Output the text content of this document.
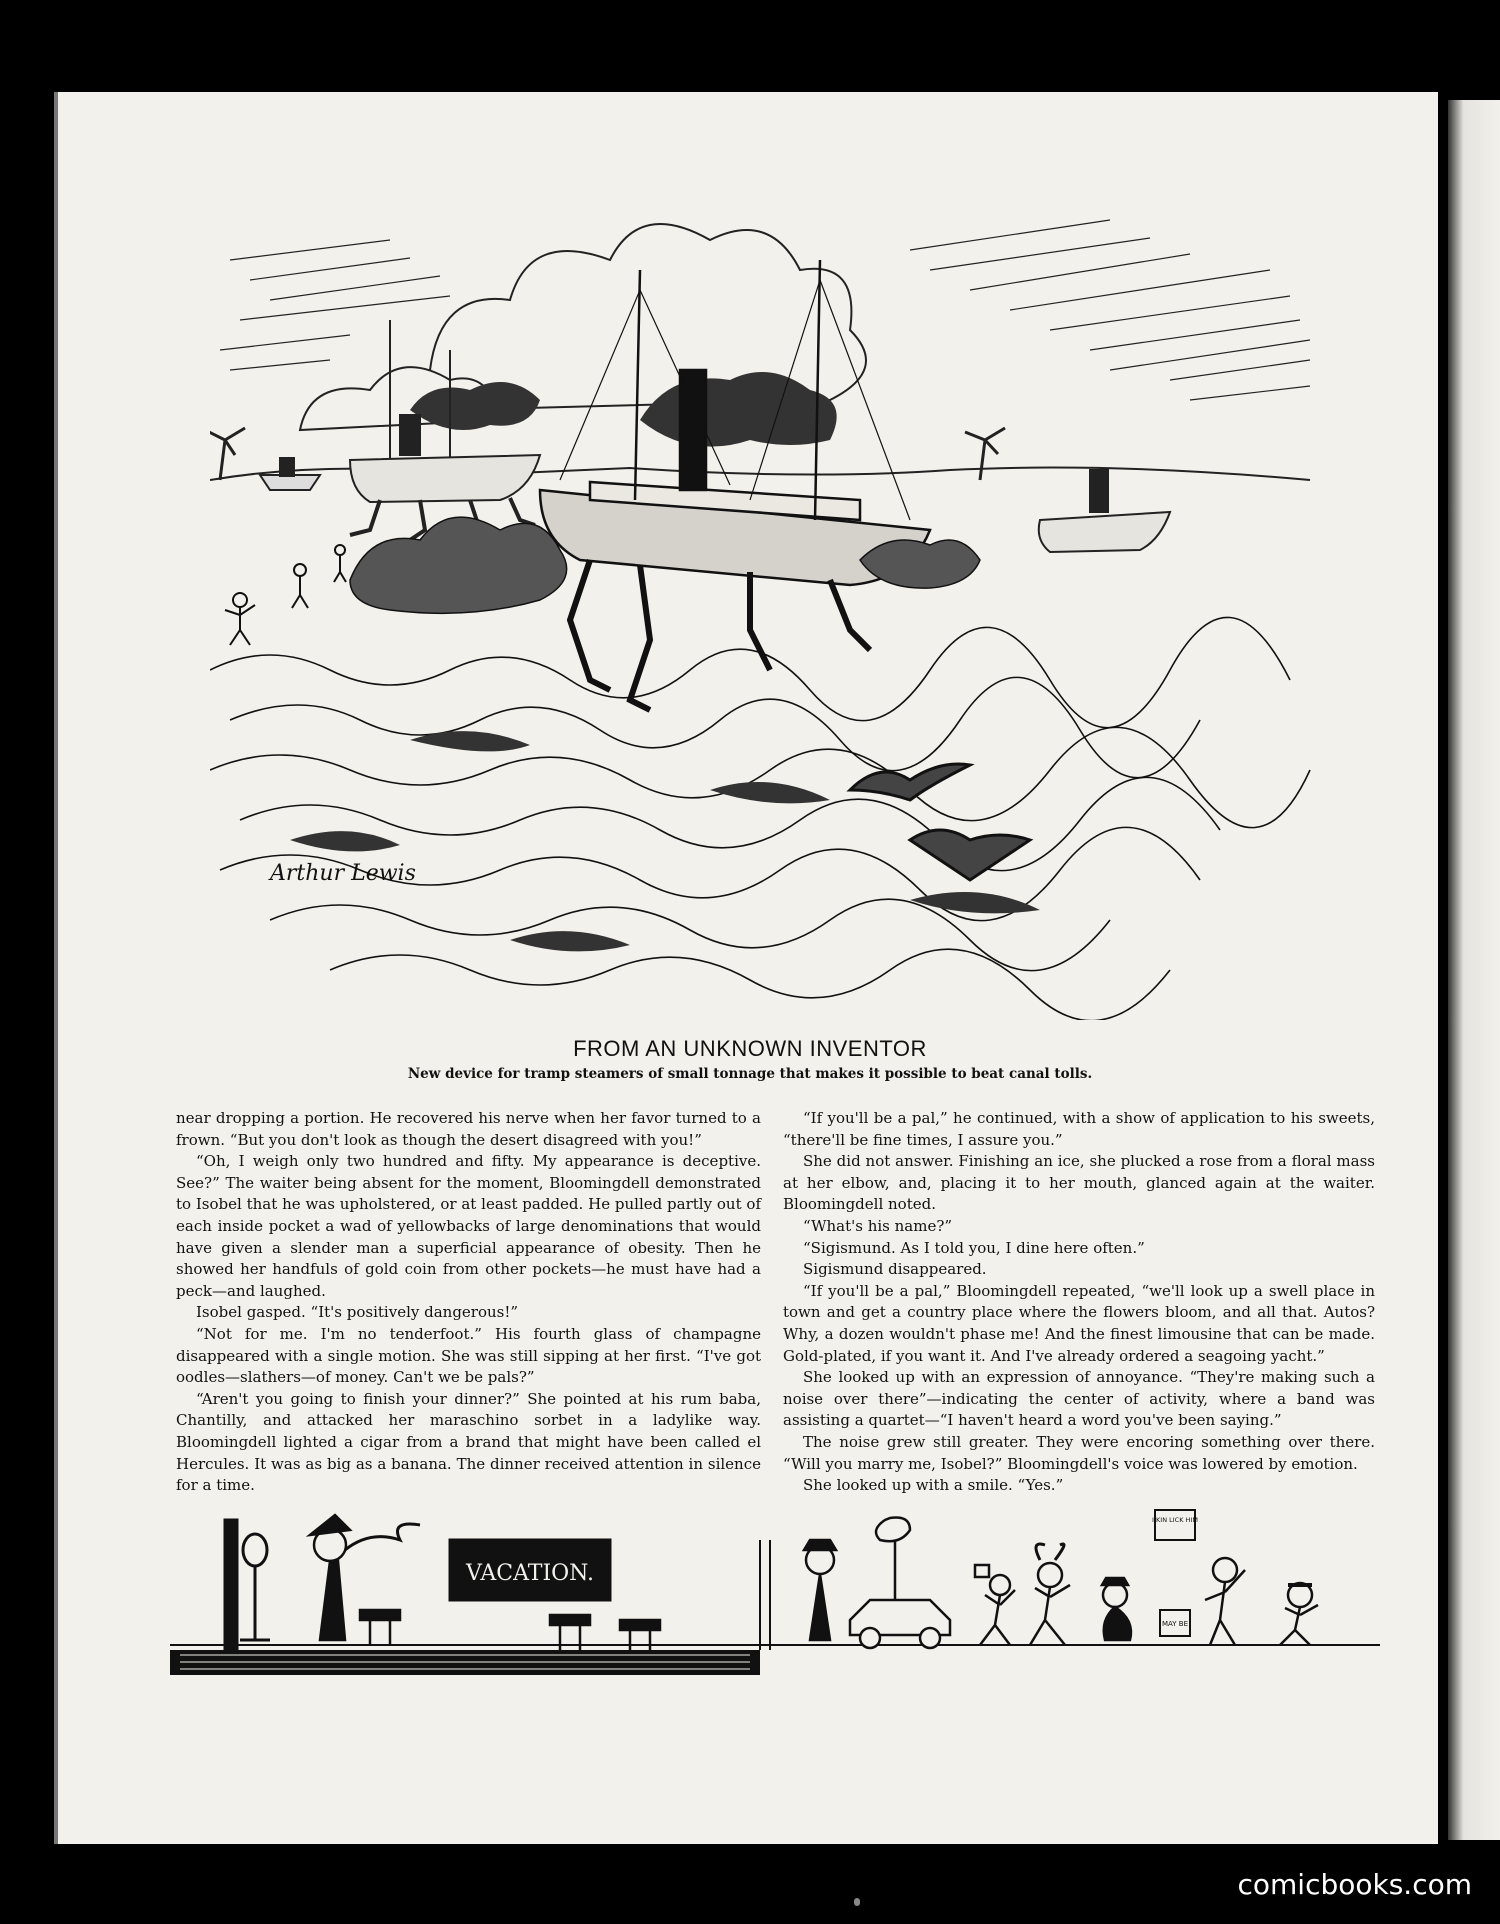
Arthur Lewis
FROM AN UNKNOWN INVENTOR
New device for tramp steamers of small tonnage that makes it possible to beat canal tolls.

near dropping a portion. He recovered his nerve when her favor turned to a frown. “But you don't look as though the desert disagreed with you!”

“Oh, I weigh only two hundred and fifty. My appearance is deceptive. See?” The waiter being absent for the moment, Bloomingdell demonstrated to Isobel that he was upholstered, or at least padded. He pulled partly out of each inside pocket a wad of yellowbacks of large denominations that would have given a slender man a superficial appearance of obesity. Then he showed her handfuls of gold coin from other pockets—he must have had a peck—and laughed.

Isobel gasped. “It's positively dangerous!”

“Not for me. I'm no tenderfoot.” His fourth glass of champagne disappeared with a single motion. She was still sipping at her first. “I've got oodles—slathers—of money. Can't we be pals?”

“Aren't you going to finish your dinner?” She pointed at his rum baba, Chantilly, and attacked her maraschino sorbet in a ladylike way. Bloomingdell lighted a cigar from a brand that might have been called el Hercules. It was as big as a banana. The dinner received attention in silence for a time.

“If you'll be a pal,” he continued, with a show of application to his sweets, “there'll be fine times, I assure you.”

She did not answer. Finishing an ice, she plucked a rose from a floral mass at her elbow, and, placing it to her mouth, glanced again at the waiter. Bloomingdell noted.

“What's his name?”

“Sigismund. As I told you, I dine here often.”

Sigismund disappeared.

“If you'll be a pal,” Bloomingdell repeated, “we'll look up a swell place in town and get a country place where the flowers bloom, and all that. Autos? Why, a dozen wouldn't phase me! And the finest limousine that can be made. Gold-plated, if you want it. And I've already ordered a seagoing yacht.”

She looked up with an expression of annoyance. “They're making such a noise over there”—indicating the center of activity, where a band was assisting a quartet—“I haven't heard a word you've been saying.”

The noise grew still greater. They were encoring something over there. “Will you marry me, Isobel?” Bloomingdell's voice was lowered by emotion.

She looked up with a smile. “Yes.”

VACATION.
I KIN LICK HIM
MAY BE
comicbooks.com
